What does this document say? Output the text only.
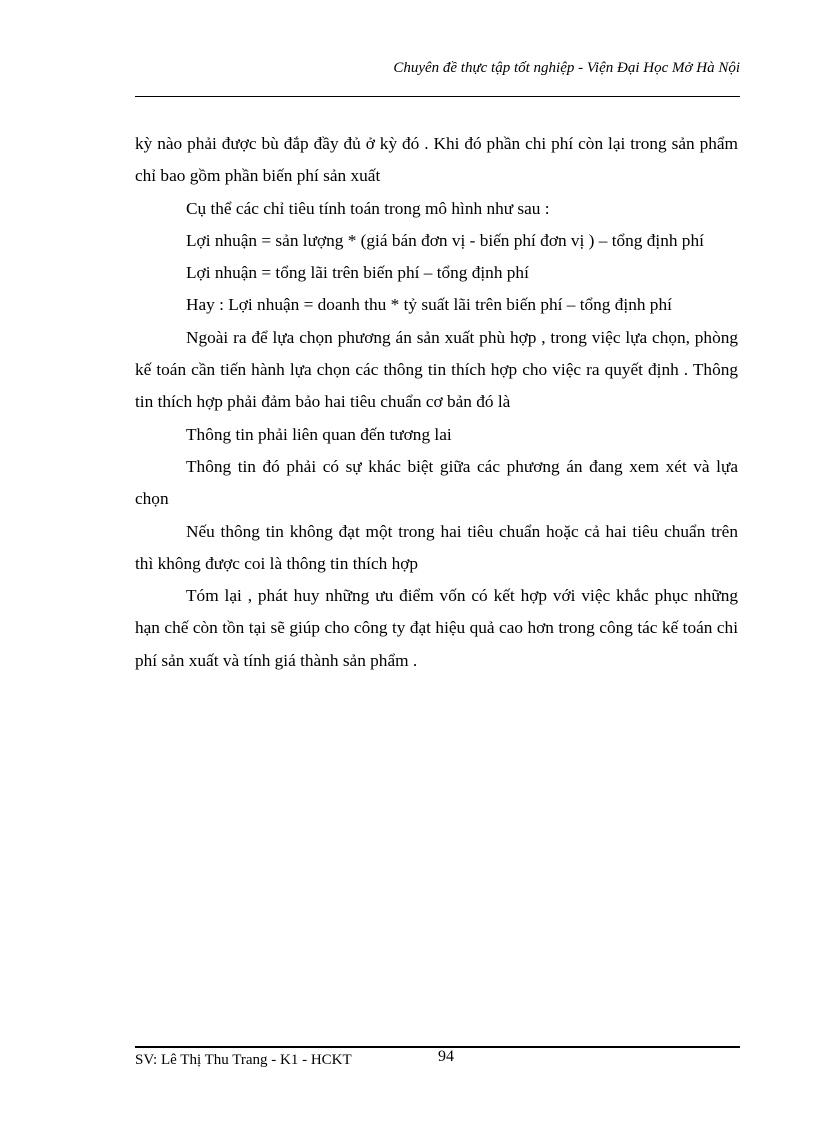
Chuyên đề thực tập tốt nghiệp - Viện Đại Học Mở Hà Nội

kỳ nào phải được bù đắp đầy đủ ở kỳ đó . Khi đó phần chi phí còn lại trong sản phẩm chỉ bao gồm phần biến phí sản xuất

Cụ thể các chỉ tiêu tính toán trong mô hình như sau :

Lợi nhuận = sản lượng * (giá bán đơn vị - biến phí đơn vị ) – tổng định phí

Lợi nhuận = tổng lãi trên biến phí – tổng định phí

Hay : Lợi nhuận = doanh thu * tỷ suất lãi trên biến phí – tổng định phí

Ngoài ra để lựa chọn phương án sản xuất phù hợp , trong việc lựa chọn, phòng kế toán cần tiến hành lựa chọn các thông tin thích hợp cho việc ra quyết định . Thông tin thích hợp phải đảm bảo hai tiêu chuẩn cơ bản đó là

Thông tin phải liên quan đến tương lai

Thông tin đó phải có sự khác biệt giữa các phương án đang xem xét và lựa chọn

Nếu thông tin không đạt một trong hai tiêu chuẩn hoặc cả hai tiêu chuẩn trên thì không được coi là thông tin thích hợp

Tóm lại , phát huy những ưu điểm vốn có kết hợp với việc khắc phục những hạn chế còn tồn tại sẽ giúp cho công ty đạt hiệu quả cao hơn trong công tác kế toán chi phí sản xuất và tính giá thành sản phẩm .

SV: Lê Thị Thu Trang - K1 - HCKT	94
